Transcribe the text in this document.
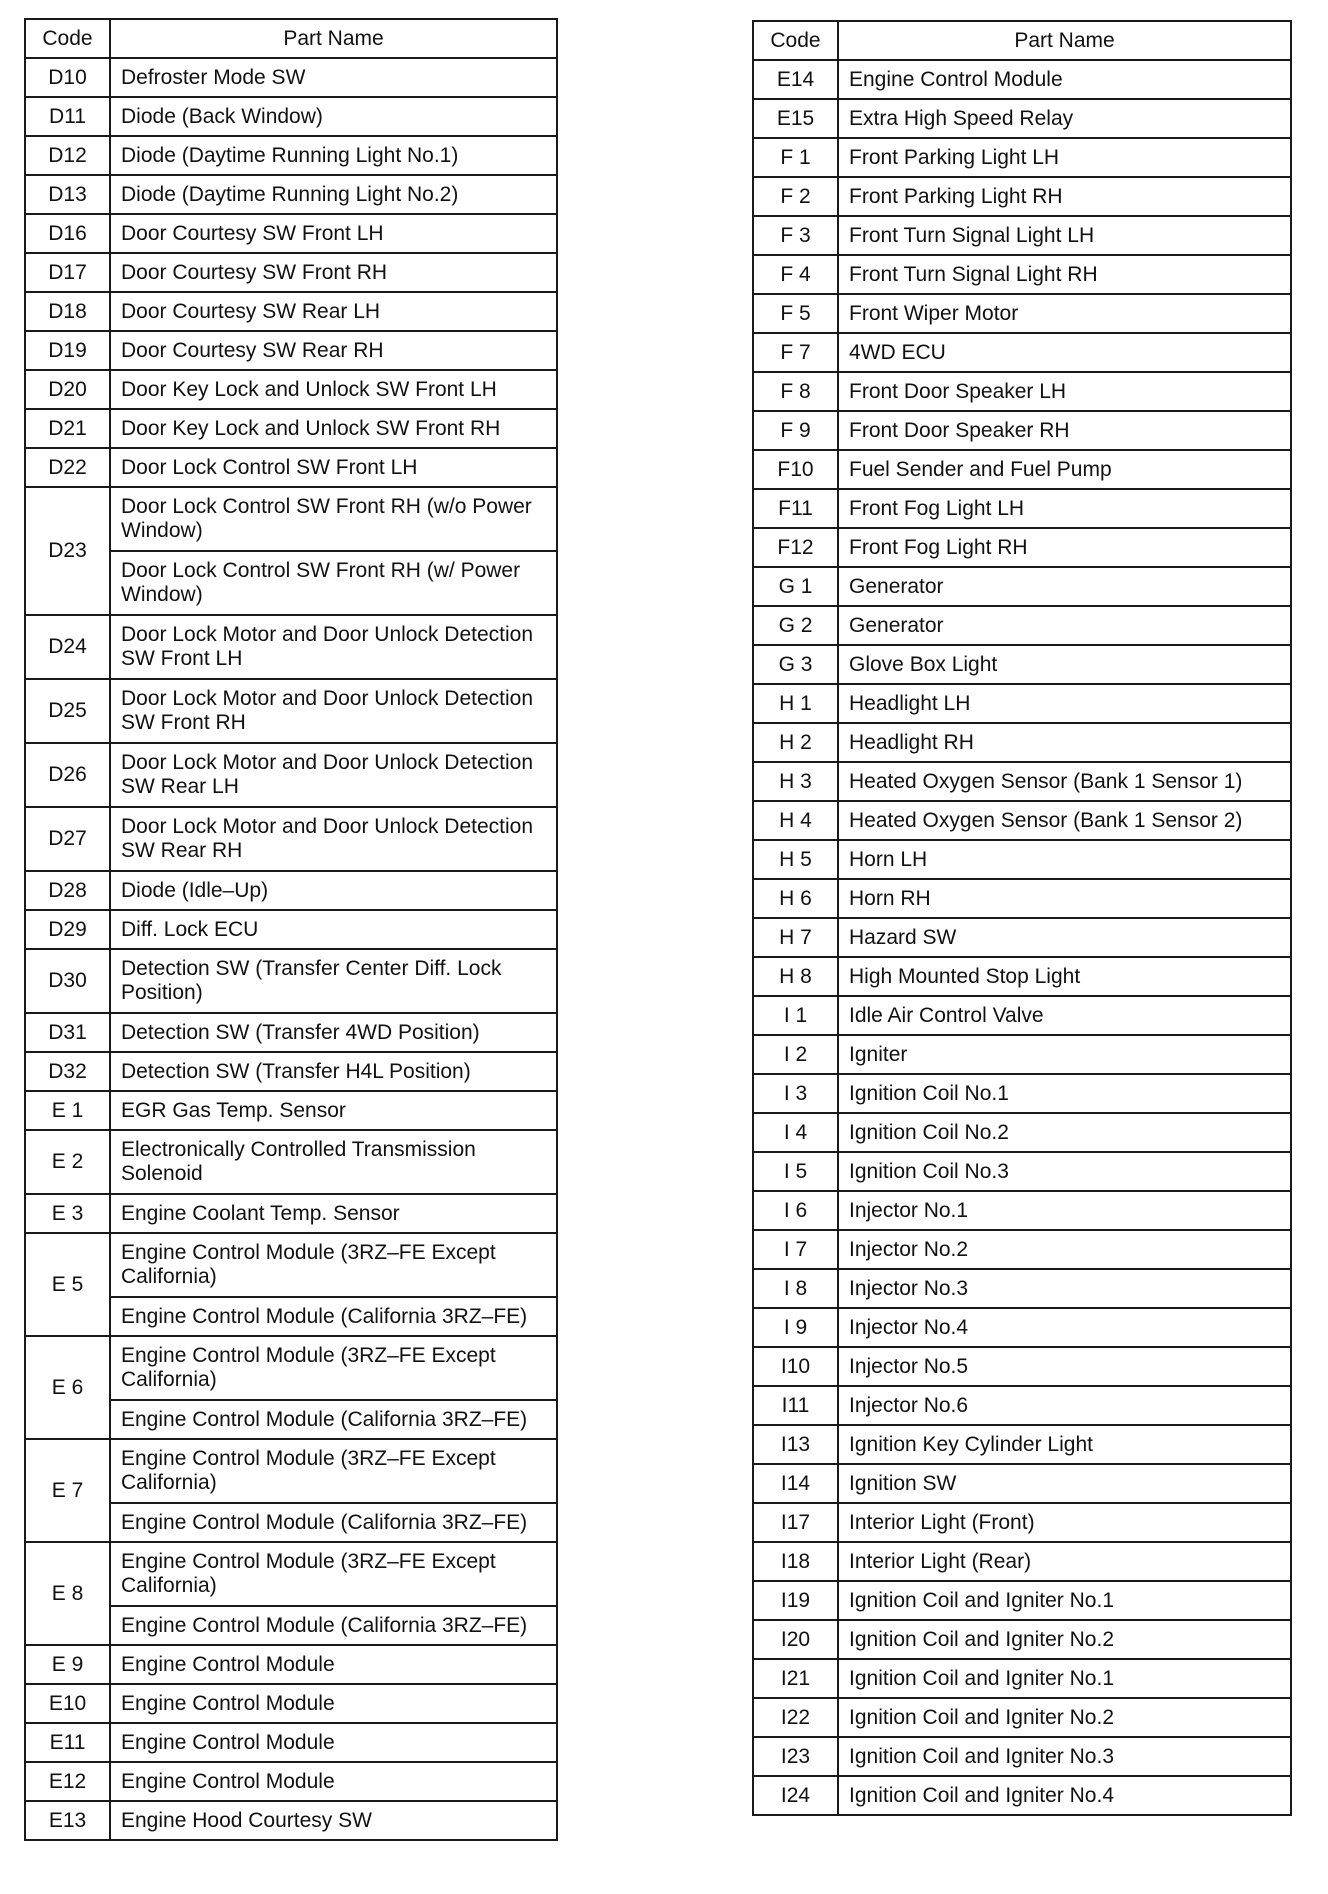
Code	Part Name
D10	Defroster Mode SW
D11	Diode (Back Window)
D12	Diode (Daytime Running Light No.1)
D13	Diode (Daytime Running Light No.2)
D16	Door Courtesy SW Front LH
D17	Door Courtesy SW Front RH
D18	Door Courtesy SW Rear LH
D19	Door Courtesy SW Rear RH
D20	Door Key Lock and Unlock SW Front LH
D21	Door Key Lock and Unlock SW Front RH
D22	Door Lock Control SW Front LH
D23	Door Lock Control SW Front RH (w/o Power Window)
	Door Lock Control SW Front RH (w/ Power Window)
D24	Door Lock Motor and Door Unlock Detection SW Front LH
D25	Door Lock Motor and Door Unlock Detection SW Front RH
D26	Door Lock Motor and Door Unlock Detection SW Rear LH
D27	Door Lock Motor and Door Unlock Detection SW Rear RH
D28	Diode (Idle–Up)
D29	Diff. Lock ECU
D30	Detection SW (Transfer Center Diff. Lock Position)
D31	Detection SW (Transfer 4WD Position)
D32	Detection SW (Transfer H4L Position)
E 1	EGR Gas Temp. Sensor
E 2	Electronically Controlled Transmission Solenoid
E 3	Engine Coolant Temp. Sensor
E 5	Engine Control Module (3RZ–FE Except California)
	Engine Control Module (California 3RZ–FE)
E 6	Engine Control Module (3RZ–FE Except California)
	Engine Control Module (California 3RZ–FE)
E 7	Engine Control Module (3RZ–FE Except California)
	Engine Control Module (California 3RZ–FE)
E 8	Engine Control Module (3RZ–FE Except California)
	Engine Control Module (California 3RZ–FE)
E 9	Engine Control Module
E10	Engine Control Module
E11	Engine Control Module
E12	Engine Control Module
E13	Engine Hood Courtesy SW
Code	Part Name
E14	Engine Control Module
E15	Extra High Speed Relay
F 1	Front Parking Light LH
F 2	Front Parking Light RH
F 3	Front Turn Signal Light LH
F 4	Front Turn Signal Light RH
F 5	Front Wiper Motor
F 7	4WD ECU
F 8	Front Door Speaker LH
F 9	Front Door Speaker RH
F10	Fuel Sender and Fuel Pump
F11	Front Fog Light LH
F12	Front Fog Light RH
G 1	Generator
G 2	Generator
G 3	Glove Box Light
H 1	Headlight LH
H 2	Headlight RH
H 3	Heated Oxygen Sensor (Bank 1 Sensor 1)
H 4	Heated Oxygen Sensor (Bank 1 Sensor 2)
H 5	Horn LH
H 6	Horn RH
H 7	Hazard SW
H 8	High Mounted Stop Light
I 1	Idle Air Control Valve
I 2	Igniter
I 3	Ignition Coil No.1
I 4	Ignition Coil No.2
I 5	Ignition Coil No.3
I 6	Injector No.1
I 7	Injector No.2
I 8	Injector No.3
I 9	Injector No.4
I10	Injector No.5
I11	Injector No.6
I13	Ignition Key Cylinder Light
I14	Ignition SW
I17	Interior Light (Front)
I18	Interior Light (Rear)
I19	Ignition Coil and Igniter No.1
I20	Ignition Coil and Igniter No.2
I21	Ignition Coil and Igniter No.1
I22	Ignition Coil and Igniter No.2
I23	Ignition Coil and Igniter No.3
I24	Ignition Coil and Igniter No.4
